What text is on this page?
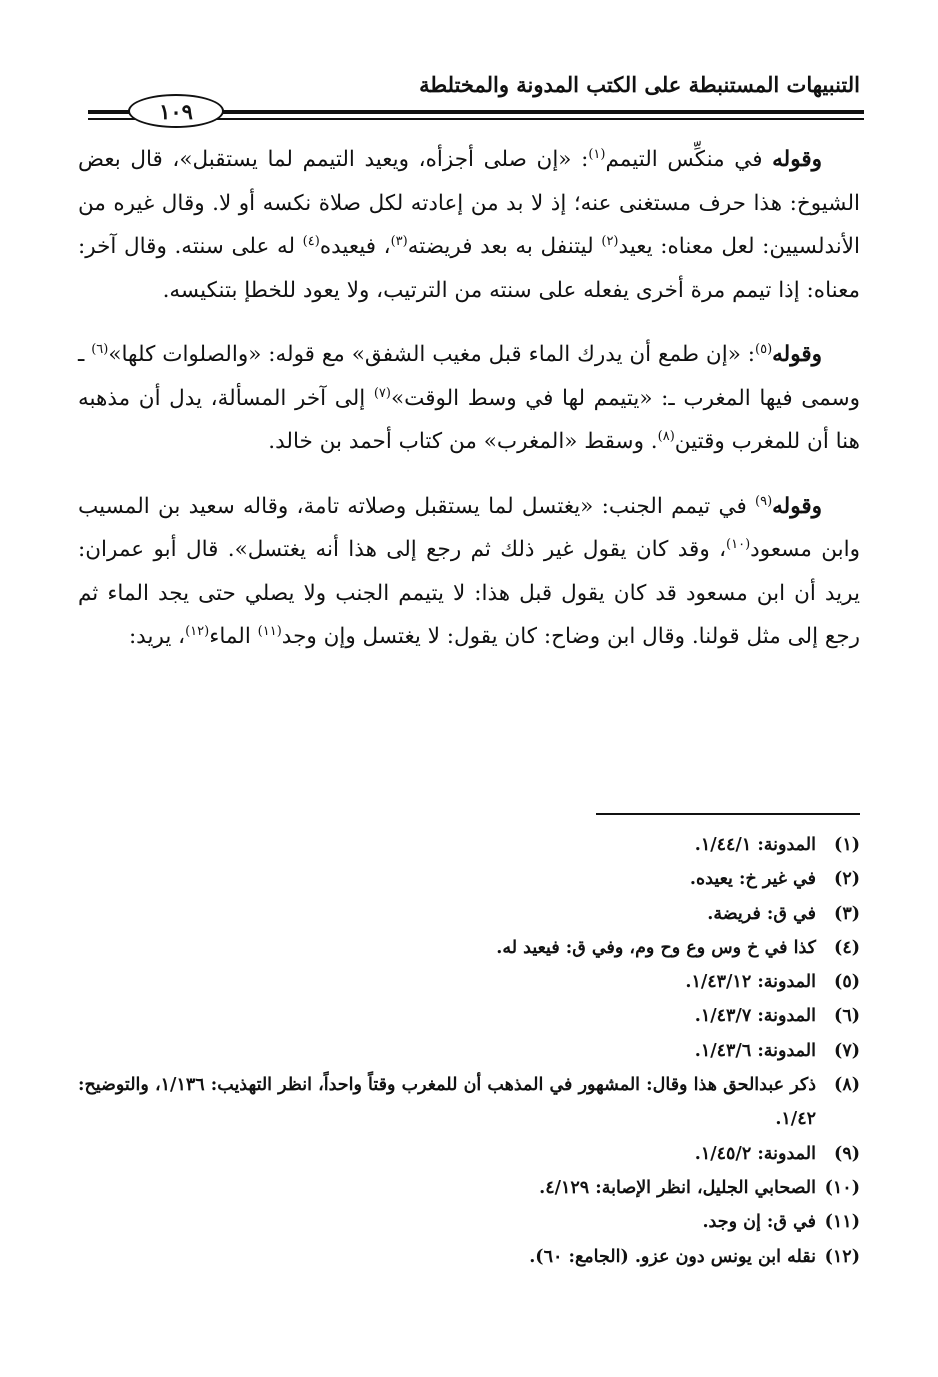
التنبيهات المستنبطة على الكتب المدونة والمختلطة
١٠٩

وقوله في منكِّس التيمم$^{(١)}$: «إن صلى أجزأه، ويعيد التيمم لما يستقبل»، قال بعض الشيوخ: هذا حرف مستغنى عنه؛ إذ لا بد من إعادته لكل صلاة نكسه أو لا. وقال غيره من الأندلسيين: لعل معناه: يعيد$^{(٢)}$ ليتنفل به بعد فريضته$^{(٣)}$، فيعيده$^{(٤)}$ له على سنته. وقال آخر: معناه: إذا تيمم مرة أخرى يفعله على سنته من الترتيب، ولا يعود للخطإ بتنكيسه.

وقوله$^{(٥)}$: «إن طمع أن يدرك الماء قبل مغيب الشفق» مع قوله: «والصلوات كلها»$^{(٦)}$ ـ وسمى فيها المغرب ـ: «يتيمم لها في وسط الوقت»$^{(٧)}$ إلى آخر المسألة، يدل أن مذهبه هنا أن للمغرب وقتين$^{(٨)}$. وسقط «المغرب» من كتاب أحمد بن خالد.

وقوله$^{(٩)}$ في تيمم الجنب: «يغتسل لما يستقبل وصلاته تامة، وقاله سعيد بن المسيب وابن مسعود$^{(١٠)}$، وقد كان يقول غير ذلك ثم رجع إلى هذا أنه يغتسل». قال أبو عمران: يريد أن ابن مسعود قد كان يقول قبل هذا: لا يتيمم الجنب ولا يصلي حتى يجد الماء ثم رجع إلى مثل قولنا. وقال ابن وضاح: كان يقول: لا يغتسل وإن وجد$^{(١١)}$ الماء$^{(١٢)}$، يريد:

(١)
المدونة: ١/٤٤/١.
(٢)
في غير خ: يعيده.
(٣)
في ق: فريضة.
(٤)
كذا في خ وس وع وح وم، وفي ق: فيعيد له.
(٥)
المدونة: ١/٤٣/١٢.
(٦)
المدونة: ١/٤٣/٧.
(٧)
المدونة: ١/٤٣/٦.
(٨)
ذكر عبدالحق هذا وقال: المشهور في المذهب أن للمغرب وقتاً واحداً، انظر التهذيب: ١/١٣٦، والتوضيح: ١/٤٢.
(٩)
المدونة: ١/٤٥/٢.
(١٠)
الصحابي الجليل، انظر الإصابة: ٤/١٢٩.
(١١)
في ق: إن وجد.
(١٢)
نقله ابن يونس دون عزو. (الجامع: ٦٠).
